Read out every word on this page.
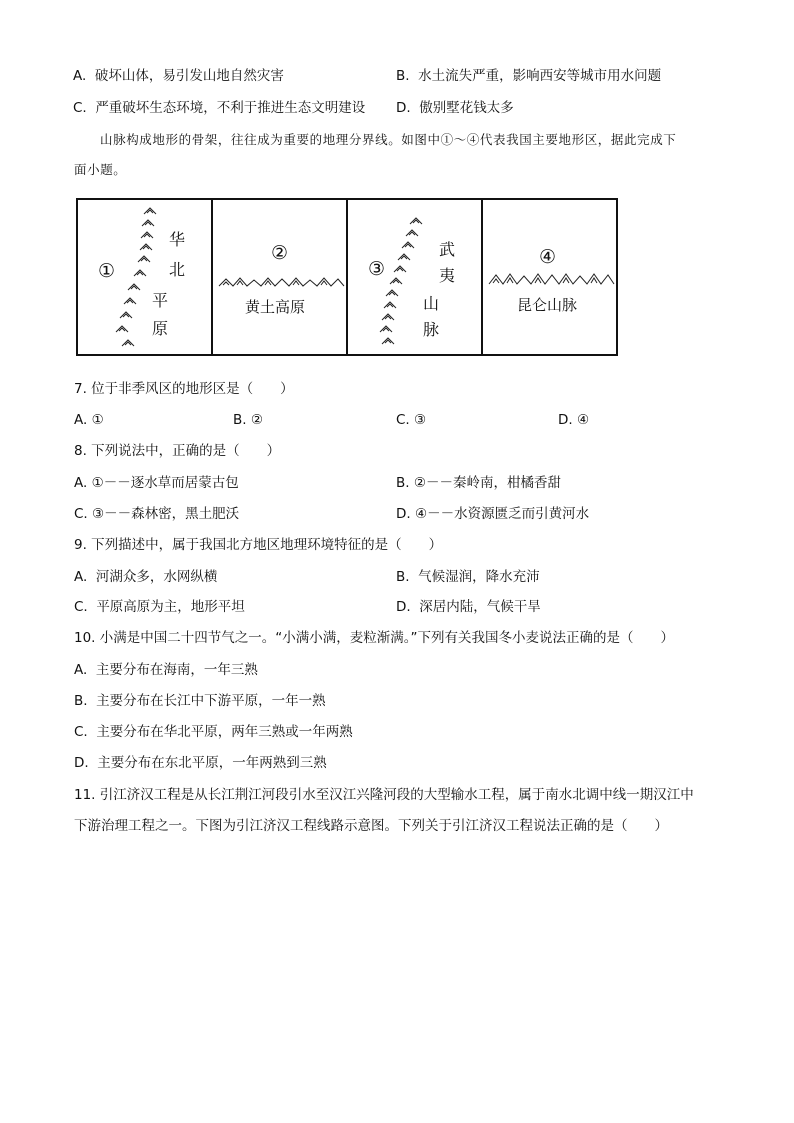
A. 破坏山体，易引发山地自然灾害	B. 水土流失严重，影响西安等城市用水问题
C. 严重破坏生态环境，不利于推进生态文明建设 D. 傲别墅花钱太多
山脉构成地形的骨架，往往成为重要的地理分界线。如图中①～④代表我国主要地形区，据此完成下
面小题。
①
华
北
平
原
②
黄土高原
③
武
夷
山
脉
④
昆仑山脉
7. 位于非季风区的地形区是（　　）
A. ①	B. ②	C. ③	D. ④
8. 下列说法中，正确的是（　　）
A. ①－－逐水草而居蒙古包	B. ②－－秦岭南，柑橘香甜
C. ③－－森林密，黑土肥沃	D. ④－－水资源匮乏而引黄河水
9. 下列描述中，属于我国北方地区地理环境特征的是（　　）
A. 河湖众多，水网纵横	B. 气候湿润，降水充沛
C. 平原高原为主，地形平坦	D. 深居内陆，气候干旱
10. 小满是中国二十四节气之一。“小满小满，麦粒渐满。”下列有关我国冬小麦说法正确的是（　　）
A. 主要分布在海南，一年三熟
B. 主要分布在长江中下游平原，一年一熟
C. 主要分布在华北平原，两年三熟或一年两熟
D. 主要分布在东北平原，一年两熟到三熟
11. 引江济汉工程是从长江荆江河段引水至汉江兴隆河段的大型输水工程，属于南水北调中线一期汉江中
下游治理工程之一。下图为引江济汉工程线路示意图。下列关于引江济汉工程说法正确的是（　　）
